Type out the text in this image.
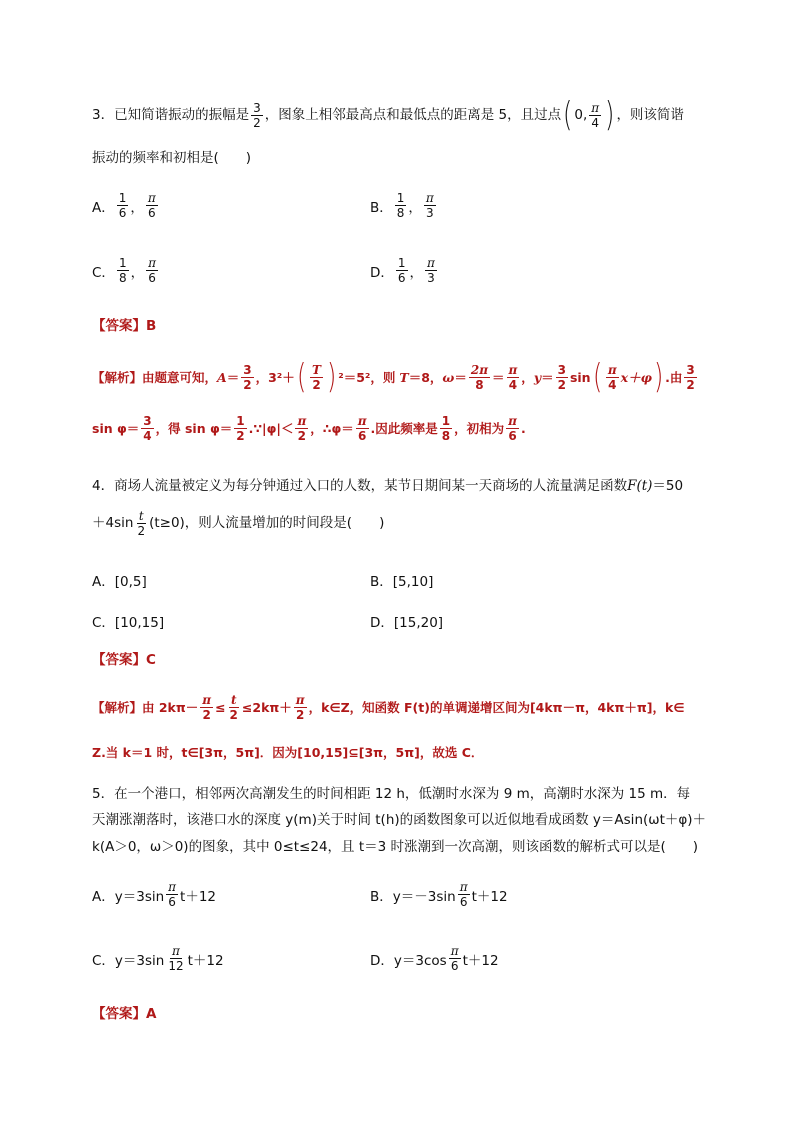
3．已知简谐振动的振幅是 $\frac{3}{2}$ ，图象上相邻最高点和最低点的距离是 5，且过点 ( 0, $\frac{\pi}{4}$ ) ，则该简谐
振动的频率和初相是(　　)
A． $\frac{1}{6}$ ， $\frac{\pi}{6}$	B． $\frac{1}{8}$ ， $\frac{\pi}{3}$
C． $\frac{1}{8}$ ， $\frac{\pi}{6}$	D． $\frac{1}{6}$ ， $\frac{\pi}{3}$
【答案】B
【解析】由题意可知， $A = \frac{3}{2}$ ，3²＋ ( $\frac{T}{2}$ ) ²＝5²，则 T ＝8， $\omega = \frac{2\pi}{8} = \frac{\pi}{4}$ ， $y = \frac{3}{2}$ sin ( $\frac{\pi}{4} x+\varphi$ ) .由 $\frac{3}{2}$
$\sin \varphi= \frac{3}{4}$ ，得 $\sin \varphi= \frac{1}{2}$ .∵|φ|＜ $\frac{\pi}{2}$ ，∴φ＝ $\frac{\pi}{6}$ .因此频率是 $\frac{1}{8}$ ，初相为 $\frac{\pi}{6}$ .
4．商场人流量被定义为每分钟通过入口的人数，某节日期间某一天商场的人流量满足函数 F(t) ＝50
$+4\sin \frac{t}{2} (t\ge 0)$，则人流量增加的时间段是(　　)
A．[0,5]	B．[5,10]
C．[10,15]	D．[15,20]
【答案】C
【解析】由 $2k\pi- \frac{\pi}{2} \le \frac{t}{2} \le 2k\pi+ \frac{\pi}{2}$ ，k∈Z，知函数 F(t)的单调递增区间为[4kπ－π，4kπ＋π]，k∈
Z.当 k＝1 时，t∈[3π，5π]．因为[10,15]⊆[3π，5π]，故选 C．
5．在一个港口，相邻两次高潮发生的时间相距 12 h，低潮时水深为 9 m，高潮时水深为 15 m．每
天潮涨潮落时，该港口水的深度 y(m)关于时间 t(h)的函数图象可以近似地看成函数 y＝Asin(ωt＋φ)＋
k(A＞0，ω＞0)的图象，其中 0≤t≤24，且 t＝3 时涨潮到一次高潮，则该函数的解析式可以是(　　)
A．$y=3\sin \frac{\pi}{6} t+12$	B．$y=-3\sin \frac{\pi}{6} t+12$
C．$y=3\sin \frac{\pi}{12} t+12$	D．$y=3\cos \frac{\pi}{6} t+12$
【答案】A
